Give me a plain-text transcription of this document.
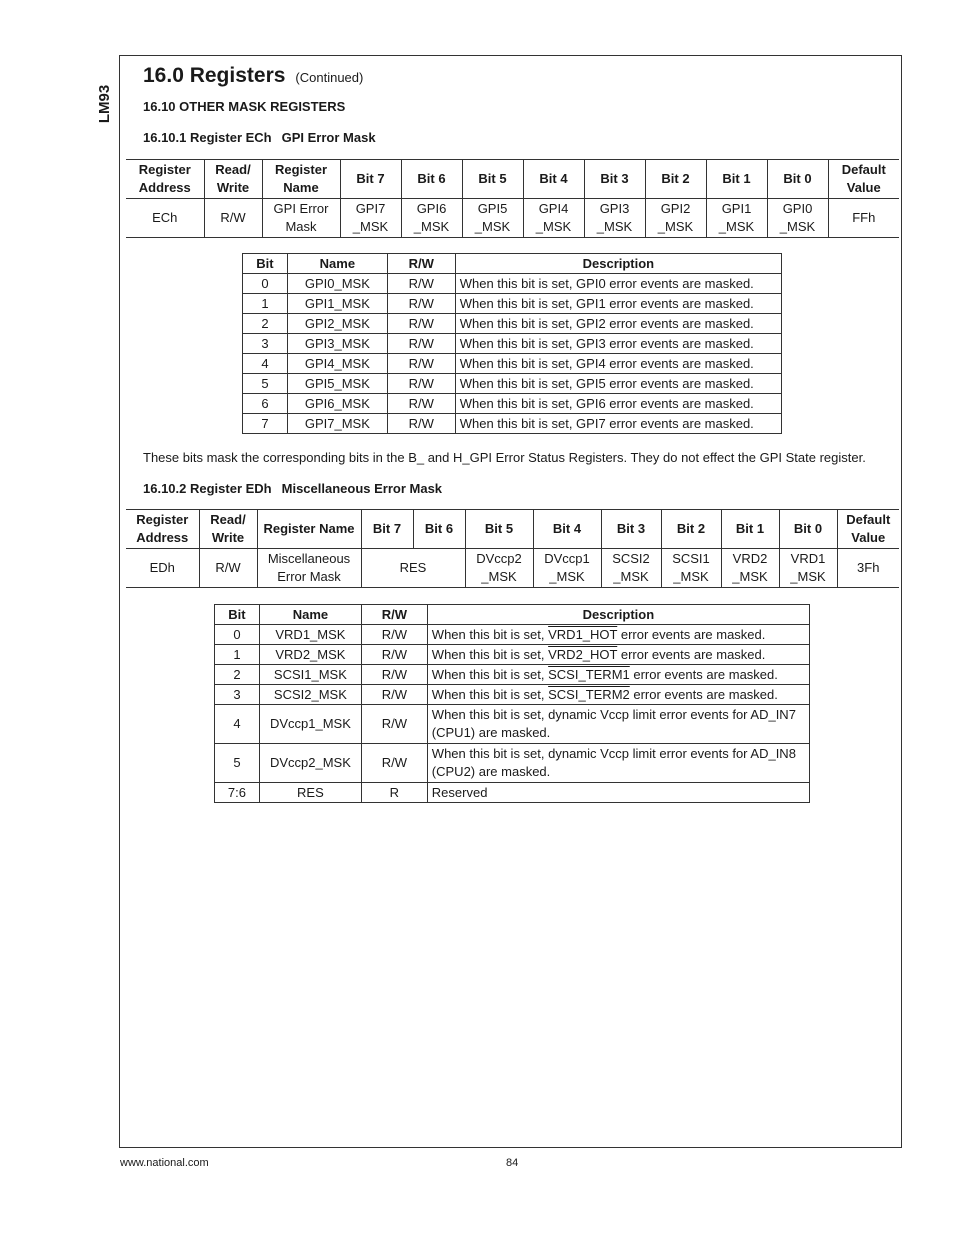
LM93
16.0 Registers (Continued)
16.10 OTHER MASK REGISTERS
16.10.1 Register ECh GPI Error Mask
Register Address	Read/ Write	Register Name	Bit 7	Bit 6	Bit 5	Bit 4	Bit 3	Bit 2	Bit 1	Bit 0	Default Value
ECh	R/W	GPI Error Mask	GPI7 _MSK	GPI6 _MSK	GPI5 _MSK	GPI4 _MSK	GPI3 _MSK	GPI2 _MSK	GPI1 _MSK	GPI0 _MSK	FFh
Bit	Name	R/W	Description
0	GPI0_MSK	R/W	When this bit is set, GPI0 error events are masked.
1	GPI1_MSK	R/W	When this bit is set, GPI1 error events are masked.
2	GPI2_MSK	R/W	When this bit is set, GPI2 error events are masked.
3	GPI3_MSK	R/W	When this bit is set, GPI3 error events are masked.
4	GPI4_MSK	R/W	When this bit is set, GPI4 error events are masked.
5	GPI5_MSK	R/W	When this bit is set, GPI5 error events are masked.
6	GPI6_MSK	R/W	When this bit is set, GPI6 error events are masked.
7	GPI7_MSK	R/W	When this bit is set, GPI7 error events are masked.
These bits mask the corresponding bits in the B_ and H_GPI Error Status Registers. They do not effect the GPI State register.
16.10.2 Register EDh Miscellaneous Error Mask
Register Address	Read/ Write	Register Name	Bit 7	Bit 6	Bit 5	Bit 4	Bit 3	Bit 2	Bit 1	Bit 0	Default Value
EDh	R/W	Miscellaneous Error Mask	RES		DVccp2 _MSK	DVccp1 _MSK	SCSI2 _MSK	SCSI1 _MSK	VRD2 _MSK	VRD1 _MSK	3Fh
Bit	Name	R/W	Description
0	VRD1_MSK	R/W	When this bit is set, VRD1_HOT error events are masked.
1	VRD2_MSK	R/W	When this bit is set, VRD2_HOT error events are masked.
2	SCSI1_MSK	R/W	When this bit is set, SCSI_TERM1 error events are masked.
3	SCSI2_MSK	R/W	When this bit is set, SCSI_TERM2 error events are masked.
4	DVccp1_MSK	R/W	When this bit is set, dynamic Vccp limit error events for AD_IN7 (CPU1) are masked.
5	DVccp2_MSK	R/W	When this bit is set, dynamic Vccp limit error events for AD_IN8 (CPU2) are masked.
7:6	RES	R	Reserved
www.national.com	84
